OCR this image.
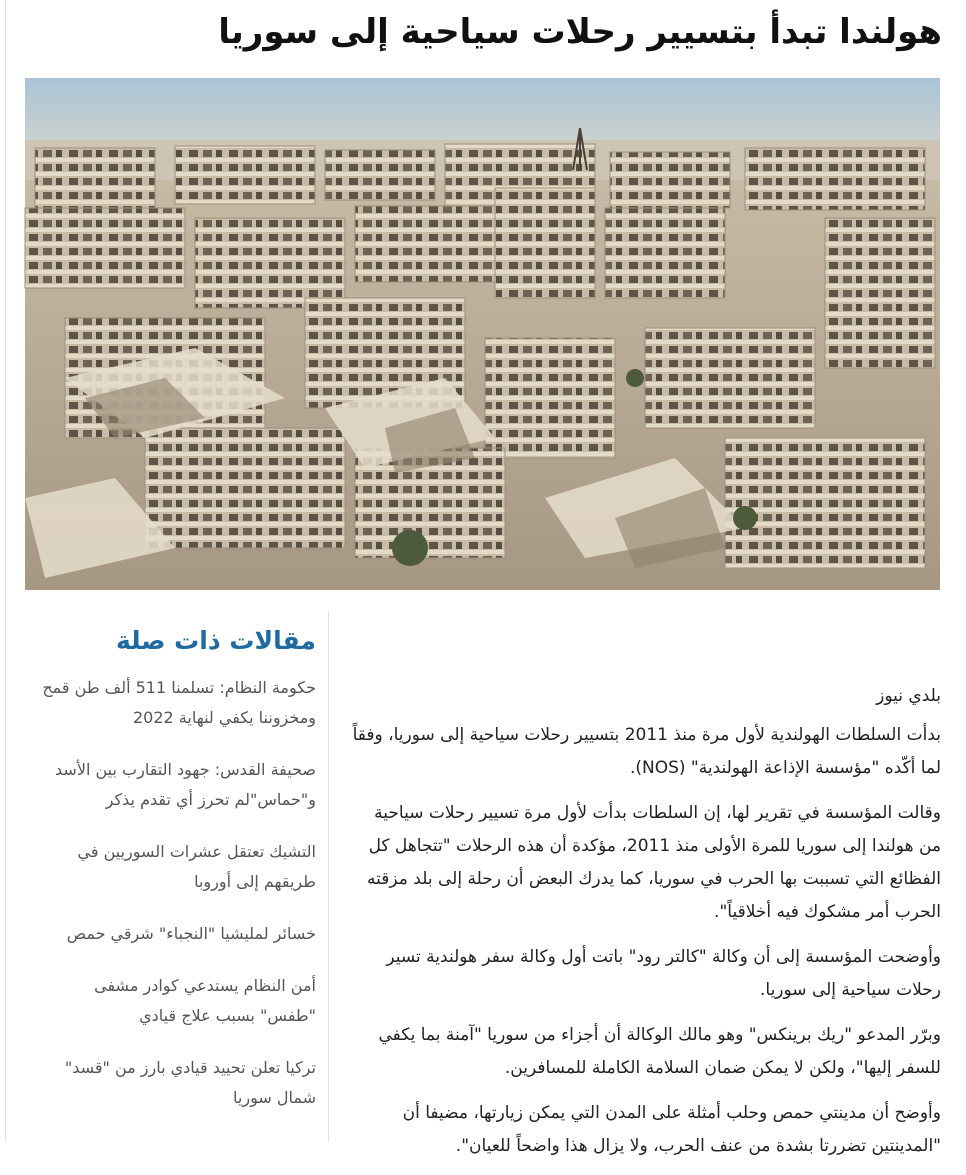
هولندا تبدأ بتسيير رحلات سياحية إلى سوريا
مقالات ذات صلة
حكومة النظام: تسلمنا 511 ألف طن قمح ومخزوننا يكفي لنهاية 2022
صحيفة القدس: جهود التقارب بين الأسد و"حماس"لم تحرز أي تقدم يذكر
التشيك تعتقل عشرات السوريين في طريقهم إلى أوروبا
خسائر لمليشيا "النجباء" شرقي حمص
أمن النظام يستدعي كوادر مشفى "طفس" بسبب علاج قيادي
تركيا تعلن تحييد قيادي بارز من "قسد" شمال سوريا

بلدي نيوز

بدأت السلطات الهولندية لأول مرة منذ 2011 بتسيير رحلات سياحية إلى سوريا، وفقاً لما أكّده "مؤسسة الإذاعة الهولندية" (NOS).

وقالت المؤسسة في تقرير لها، إن السلطات بدأت لأول مرة تسيير رحلات سياحية من هولندا إلى سوريا للمرة الأولى منذ 2011، مؤكدة أن هذه الرحلات "تتجاهل كل الفظائع التي تسببت بها الحرب في سوريا، كما يدرك البعض أن رحلة إلى بلد مزقته الحرب أمر مشكوك فيه أخلاقياً".

وأوضحت المؤسسة إلى أن وكالة "كالتر رود" باتت أول وكالة سفر هولندية تسير رحلات سياحية إلى سوريا.

وبرّر المدعو "ريك برينكس" وهو مالك الوكالة أن أجزاء من سوريا "آمنة بما يكفي للسفر إليها"، ولكن لا يمكن ضمان السلامة الكاملة للمسافرين.

وأوضح أن مدينتي حمص وحلب أمثلة على المدن التي يمكن زيارتها، مضيفا أن "المدينتين تضررتا بشدة من عنف الحرب، ولا يزال هذا واضحاً للعيان".
